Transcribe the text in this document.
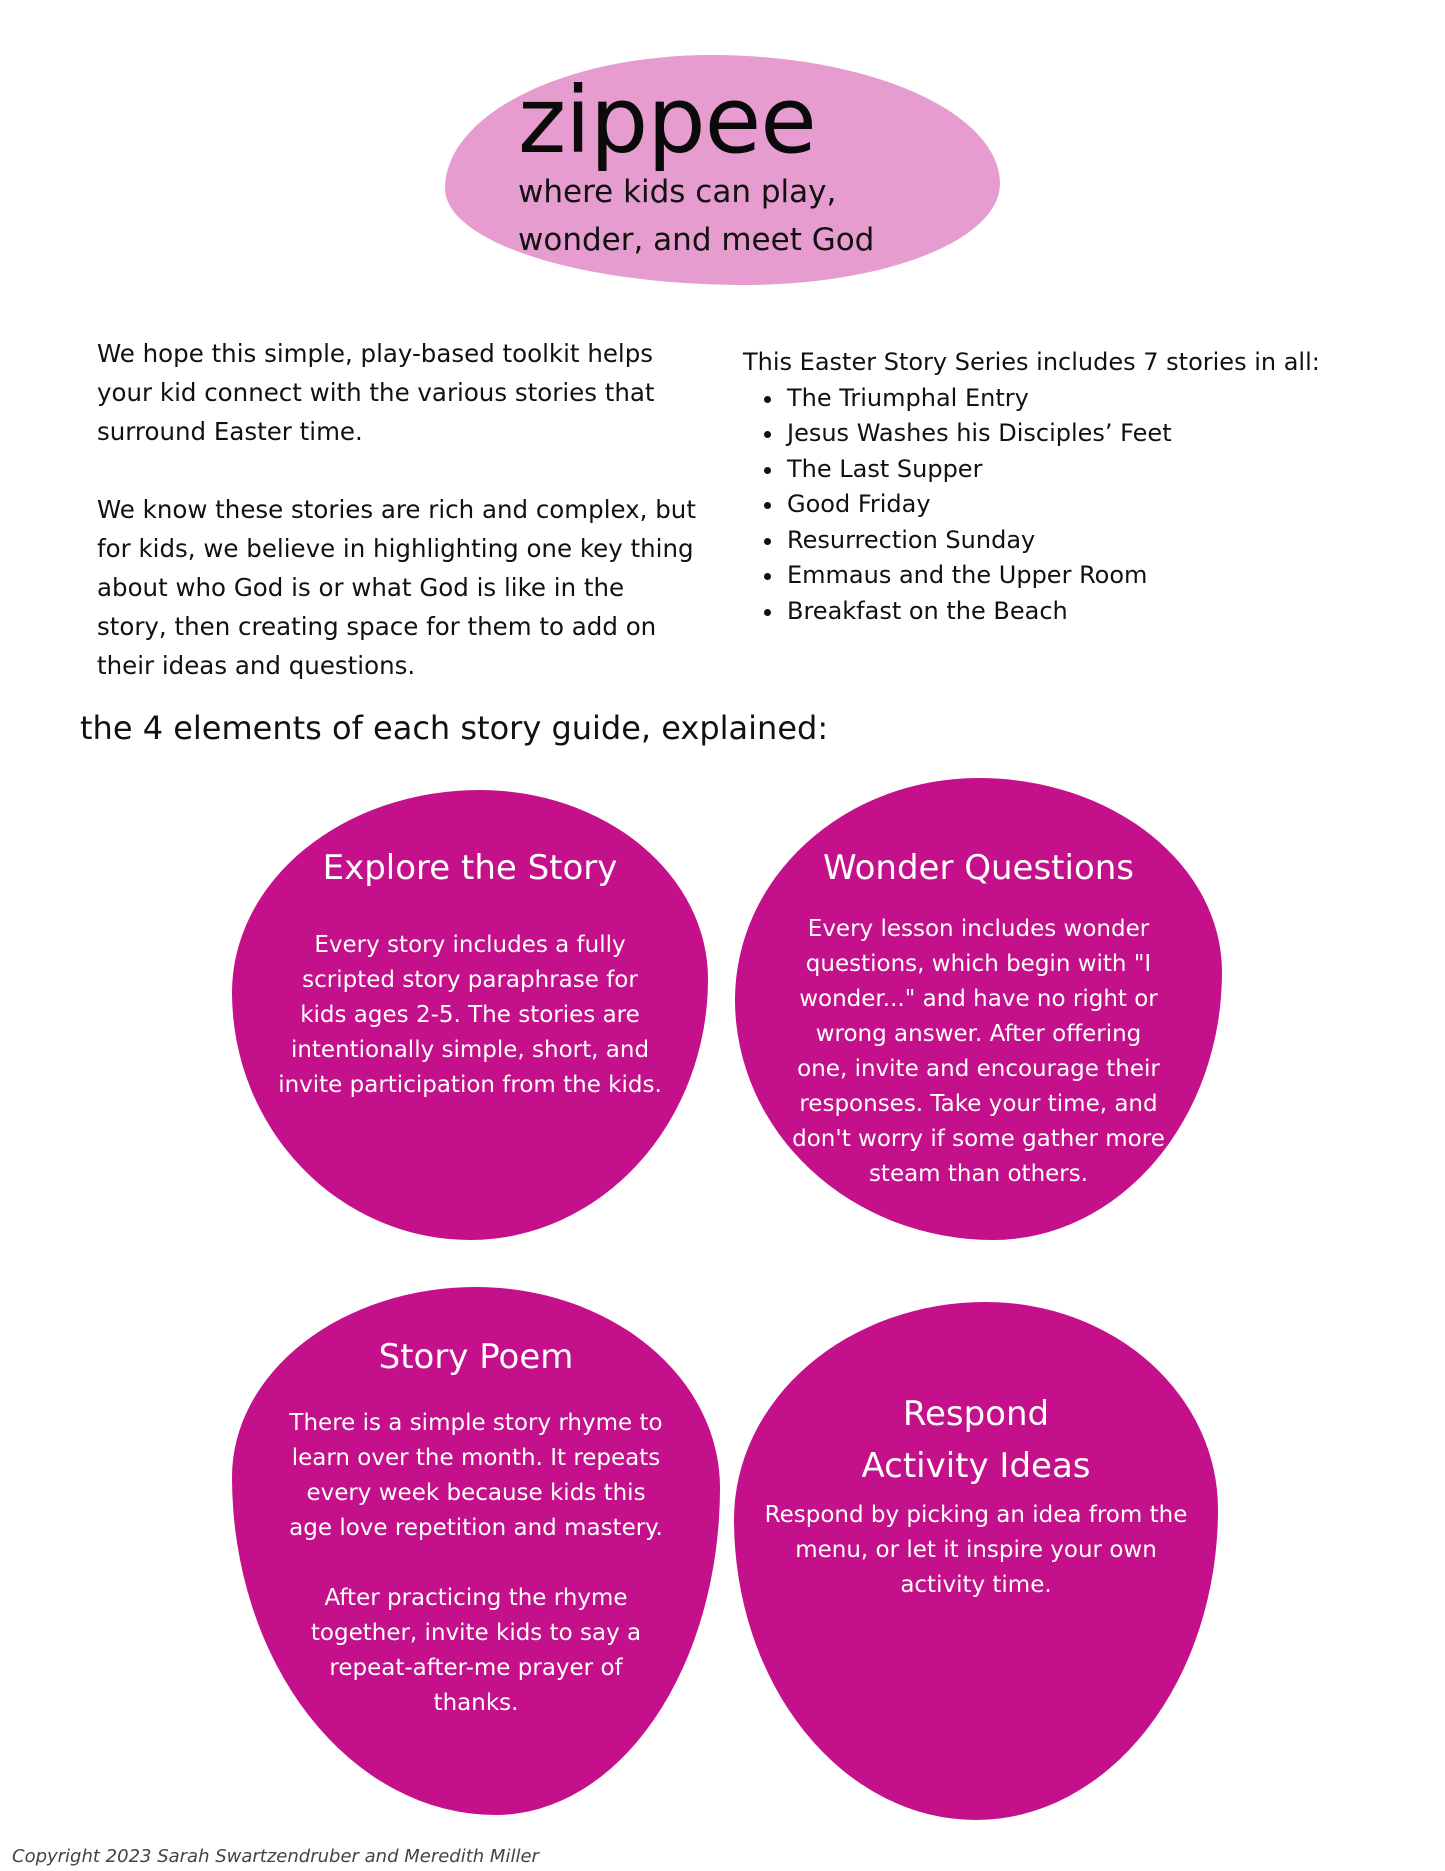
zippee
where kids can play,
wonder, and meet God

We hope this simple, play-based toolkit helps your kid connect with the various stories that surround Easter time.

We know these stories are rich and complex, but for kids, we believe in highlighting one key thing about who God is or what God is like in the story, then creating space for them to add on their ideas and questions.

This Easter Story Series includes 7 stories in all:
The Triumphal Entry
Jesus Washes his Disciples’ Feet
The Last Supper
Good Friday
Resurrection Sunday
Emmaus and the Upper Room
Breakfast on the Beach
the 4 elements of each story guide, explained:
Explore the Story
Every story includes a fully
scripted story paraphrase for
kids ages 2-5. The stories are
intentionally simple, short, and
invite participation from the kids.
Wonder Questions
Every lesson includes wonder
questions, which begin with "I
wonder..." and have no right or
wrong answer. After offering
one, invite and encourage their
responses. Take your time, and
don't worry if some gather more
steam than others.
Story Poem
There is a simple story rhyme to
learn over the month. It repeats
every week because kids this
age love repetition and mastery.

After practicing the rhyme
together, invite kids to say a
repeat-after-me prayer of
thanks.
Respond
Activity Ideas
Respond by picking an idea from the
menu, or let it inspire your own
activity time.
Copyright 2023 Sarah Swartzendruber and Meredith Miller
